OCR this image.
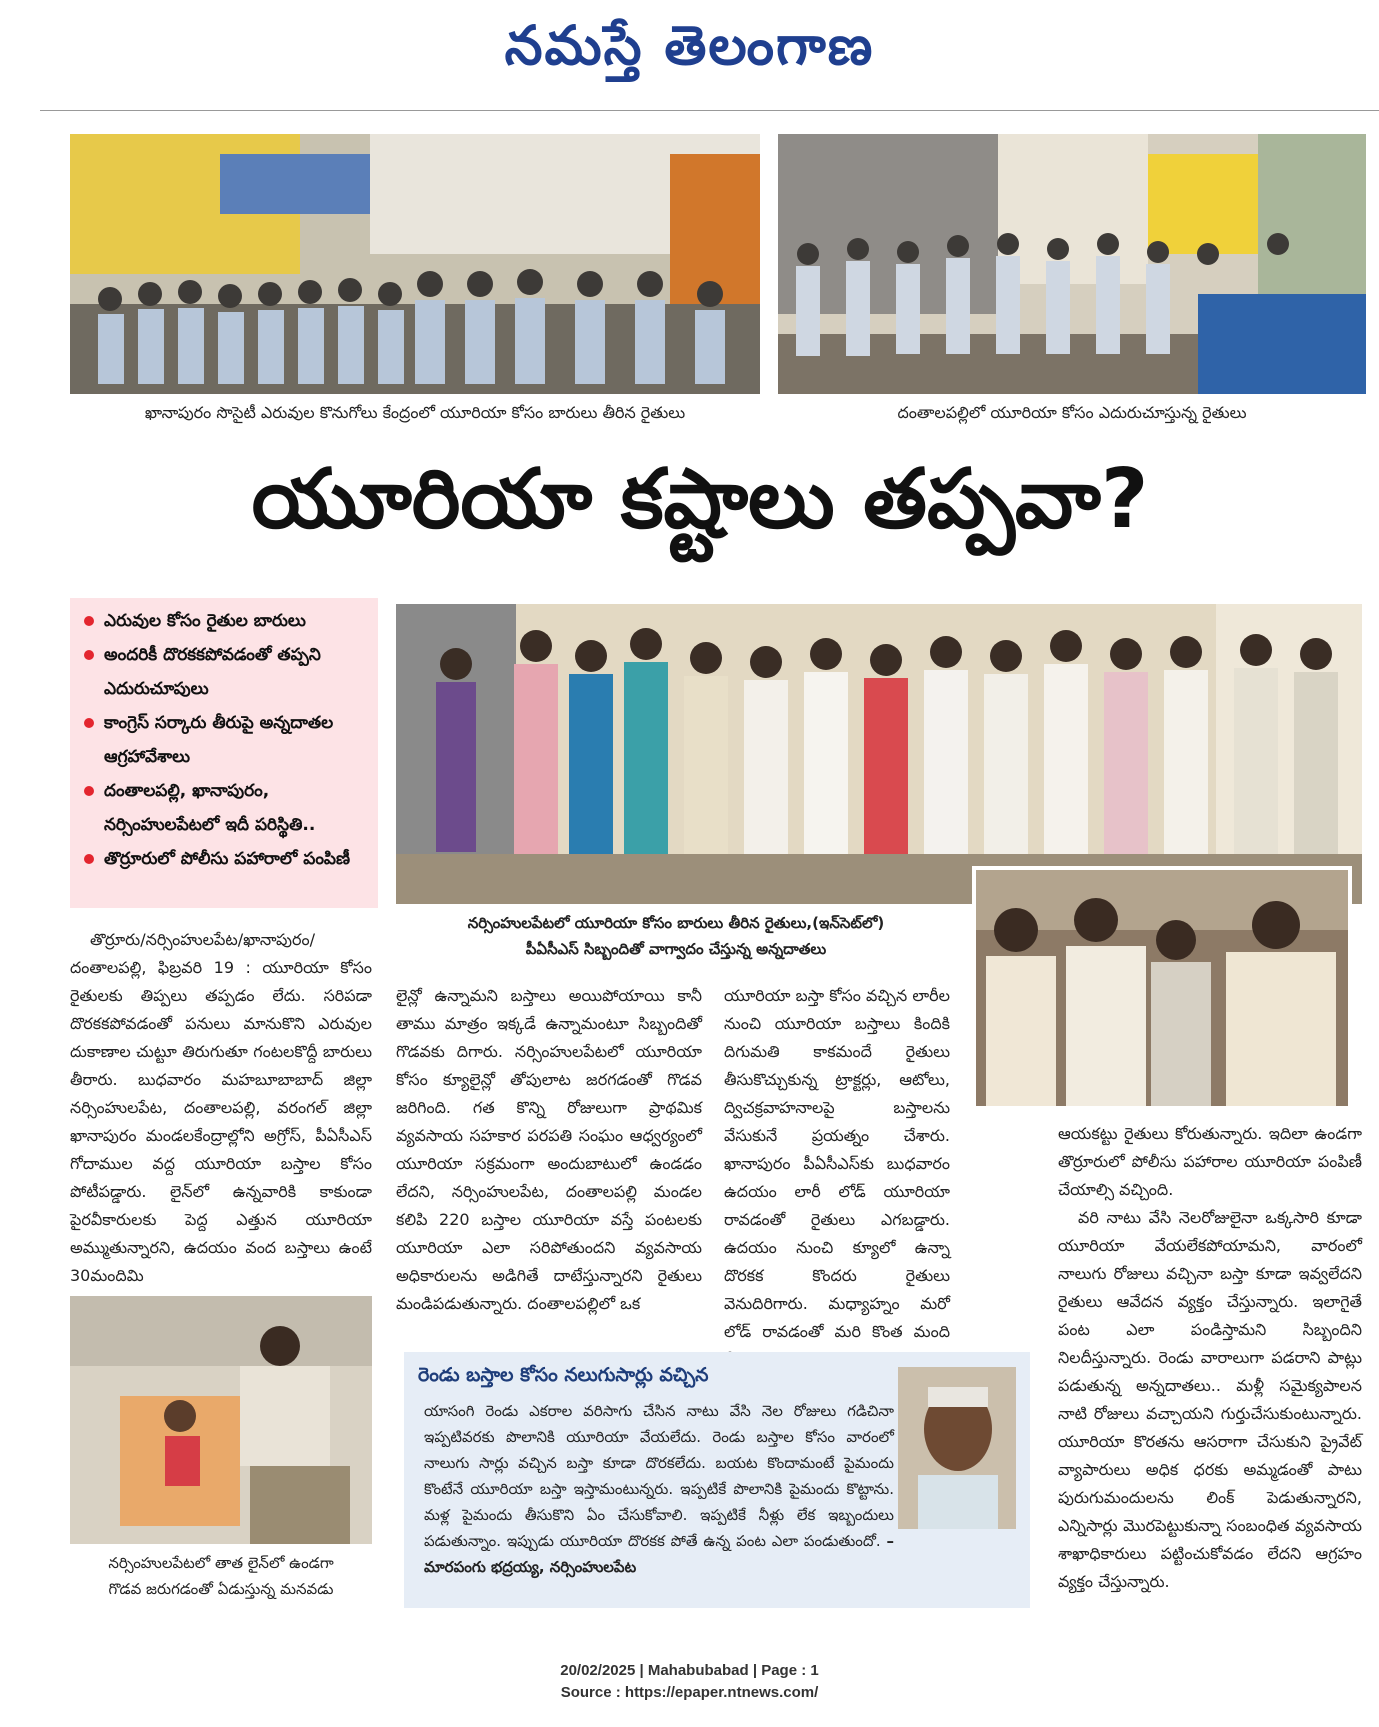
నమస్తే తెలంగాణ
ఖానాపురం సొసైటీ ఎరువుల కొనుగోలు కేంద్రంలో యూరియా కోసం బారులు తీరిన రైతులు	దంతాలపల్లిలో యూరియా కోసం ఎదురుచూస్తున్న రైతులు
యూరియా కష్టాలు తప్పవా?
ఎరువుల కోసం రైతుల బారులు
అందరికీ దొరకకపోవడంతో తప్పని ఎదురుచూపులు
కాంగ్రెస్ సర్కారు తీరుపై అన్నదాతల ఆగ్రహావేశాలు
దంతాలపల్లి, ఖానాపురం, నర్సింహులపేటలో ఇదీ పరిస్థితి..
తొర్రూరులో పోలీసు పహారాలో పంపిణీ
నర్సింహులపేటలో యూరియా కోసం బారులు తీరిన రైతులు,(ఇన్‌సెట్‌లో)
పీఏసీఎస్ సిబ్బందితో వాగ్వాదం చేస్తున్న అన్నదాతలు

తొర్రూరు/నర్సింహులపేట/ఖానాపురం/దంతాలపల్లి, ఫిబ్రవరి 19 : యూరియా కోసం రైతులకు తిప్పలు తప్పడం లేదు. సరిపడా దొరకకపోవడంతో పనులు మానుకొని ఎరువుల దుకాణాల చుట్టూ తిరుగుతూ గంటలకొద్దీ బారులు తీరారు. బుధవారం మహబూబాబాద్ జిల్లా నర్సింహులపేట, దంతాలపల్లి, వరంగల్ జిల్లా ఖానాపురం మండలకేంద్రాల్లోని అగ్రోస్, పీఏసీఎస్ గోదాముల వద్ద యూరియా బస్తాల కోసం పోటీపడ్డారు. లైన్‌లో ఉన్నవారికి కాకుండా పైరవీకారులకు పెద్ద ఎత్తున యూరియా అమ్ముతున్నారని, ఉదయం వంద బస్తాలు ఉంటే 30మందిమి

లైన్లో ఉన్నామని బస్తాలు అయిపోయాయి కానీ తాము మాత్రం ఇక్కడే ఉన్నామంటూ సిబ్బందితో గొడవకు దిగారు. నర్సింహులపేటలో యూరియా కోసం క్యూలైన్లో తోపులాట జరగడంతో గొడవ జరిగింది. గత కొన్ని రోజులుగా ప్రాథమిక వ్యవసాయ సహకార పరపతి సంఘం ఆధ్వర్యంలో యూరియా సక్రమంగా అందుబాటులో ఉండడం లేదని, నర్సింహులపేట, దంతాలపల్లి మండల కలిపి 220 బస్తాల యూరియా వస్తే పంటలకు యూరియా ఎలా సరిపోతుందని వ్యవసాయ అధికారులను అడిగితే దాటేస్తున్నారని రైతులు మండిపడుతున్నారు. దంతాలపల్లిలో ఒక

యూరియా బస్తా కోసం వచ్చిన లారీల నుంచి యూరియా బస్తాలు కిందికి దిగుమతి కాకమందే రైతులు తీసుకొచ్చుకున్న ట్రాక్టర్లు, ఆటోలు, ద్విచక్రవాహనాలపై బస్తాలను వేసుకునే ప్రయత్నం చేశారు. ఖానాపురం పీఏసీఎస్‌కు బుధవారం ఉదయం లారీ లోడ్ యూరియా రావడంతో రైతులు ఎగబడ్డారు. ఉదయం నుంచి క్యూలో ఉన్నా దొరకక కొందరు రైతులు వెనుదిరిగారు. మధ్యాహ్నం మరో లోడ్ రావడంతో మరి కొంత మంది

ఆయకట్టు రైతులు కోరుతున్నారు. ఇదిలా ఉండగా తొర్రూరులో పోలీసు పహారాల యూరియా పంపిణీ చేయాల్సి వచ్చింది.

వరి నాటు వేసి నెలరోజులైనా ఒక్కసారి కూడా యూరియా వేయలేకపోయామని, వారంలో నాలుగు రోజులు వచ్చినా బస్తా కూడా ఇవ్వలేదని రైతులు ఆవేదన వ్యక్తం చేస్తున్నారు. ఇలాగైతే పంట ఎలా పండిస్తామని సిబ్బందిని నిలదీస్తున్నారు. రెండు వారాలుగా పడరాని పాట్లు పడుతున్న అన్నదాతలు.. మళ్లీ సమైక్యపాలన నాటి రోజులు వచ్చాయని గుర్తుచేసుకుంటున్నారు. యూరియా కొరతను ఆసరాగా చేసుకుని ప్రైవేట్ వ్యాపారులు అధిక ధరకు అమ్మడంతో పాటు పురుగుమందులను లింక్ పెడుతున్నారని, ఎన్నిసార్లు మొరపెట్టుకున్నా సంబంధిత వ్యవసాయ శాఖాధికారులు పట్టించుకోవడం లేదని ఆగ్రహం వ్యక్తం చేస్తున్నారు.

నర్సింహులపేటలో తాత లైన్‌లో ఉండగా
గొడవ జరుగడంతో ఏడుస్తున్న మనవడు
రెండు బస్తాల కోసం నలుగుసార్లు వచ్చిన
యాసంగి రెండు ఎకరాల వరిసాగు చేసిన నాటు వేసి నెల రోజులు గడిచినా ఇప్పటివరకు పొలానికి యూరియా వేయలేదు. రెండు బస్తాల కోసం వారంలో నాలుగు సార్లు వచ్చిన బస్తా కూడా దొరకలేదు. బయట కొందామంటే పైమందు కొంటేనే యూరియా బస్తా ఇస్తామంటున్నరు. ఇప్పటికే పొలానికి పైమందు కొట్టాను. మళ్ల పైమందు తీసుకొని ఏం చేసుకోవాలి. ఇప్పటికే నీళ్లు లేక ఇబ్బందులు పడుతున్నాం. ఇప్పుడు యూరియా దొరకక పోతే ఉన్న పంట ఎలా పండుతుందో. – మారపంగు భద్రయ్య, నర్సింహులపేట
20/02/2025 | Mahabubabad | Page : 1
Source : https://epaper.ntnews.com/
